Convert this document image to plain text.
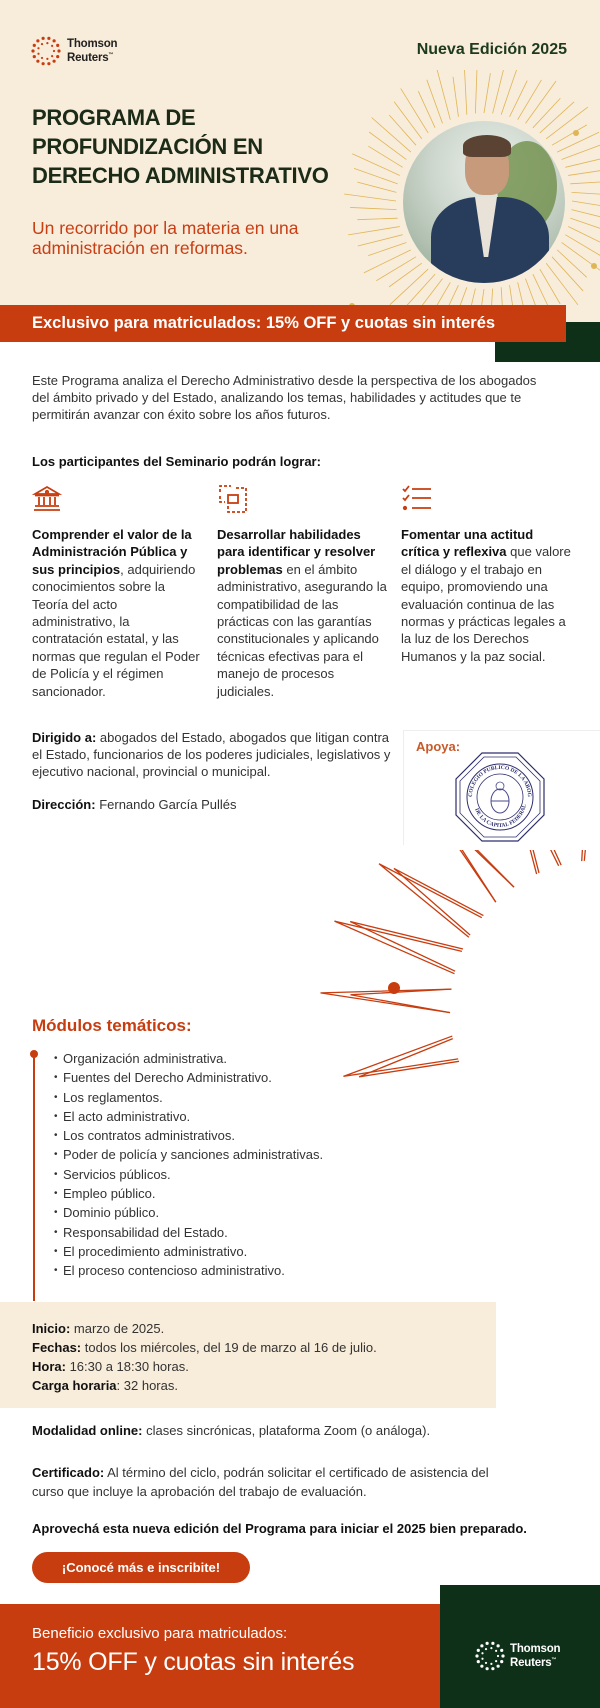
Thomson
Reuters™	Nueva Edición 2025
PROGRAMA DE PROFUNDIZACIÓN EN DERECHO ADMINISTRATIVO
Un recorrido por la materia en una administración en reformas.
Exclusivo para matriculados: 15% OFF y cuotas sin interés

Este Programa analiza el Derecho Administrativo desde la perspectiva de los abogados del ámbito privado y del Estado, analizando los temas, habilidades y actitudes que te permitirán avanzar con éxito sobre los años futuros.

Los participantes del Seminario podrán lograr:

Comprender el valor de la Administración Pública y sus principios, adquiriendo conocimientos sobre la Teoría del acto administrativo, la contratación estatal, y las normas que regulan el Poder de Policía y el régimen sancionador.

Desarrollar habilidades para identificar y resolver problemas en el ámbito administrativo, asegurando la compatibilidad de las prácticas con las garantías constitucionales y aplicando técnicas efectivas para el manejo de procesos judiciales.

Fomentar una actitud crítica y reflexiva que valore el diálogo y el trabajo en equipo, promoviendo una evaluación continua de las normas y prácticas legales a la luz de los Derechos Humanos y la paz social.

Dirigido a: abogados del Estado, abogados que litigan contra el Estado, funcionarios de los poderes judiciales, legislativos y ejecutivo nacional, provincial o municipal.

Dirección: Fernando García Pullés

Apoya:
COLEGIO PUBLICO DE LA ABOG
DE LA CAPITAL FEDERAL
Módulos temáticos:
• Organización administrativa.
• Fuentes del Derecho Administrativo.
• Los reglamentos.
• El acto administrativo.
• Los contratos administrativos.
• Poder de policía y sanciones administrativas.
• Servicios públicos.
• Empleo público.
• Dominio público.
• Responsabilidad del Estado.
• El procedimiento administrativo.
• El proceso contencioso administrativo.
Inicio: marzo de 2025.
Fechas: todos los miércoles, del 19 de marzo al 16 de julio.
Hora: 16:30 a 18:30 horas.
Carga horaria: 32 horas.

Modalidad online: clases sincrónicas, plataforma Zoom (o análoga).

Certificado: Al término del ciclo, podrán solicitar el certificado de asistencia del curso que incluye la aprobación del trabajo de evaluación.

Aprovechá esta nueva edición del Programa para iniciar el 2025 bien preparado.

¡Conocé más e inscribite!
Beneficio exclusivo para matriculados:
15% OFF y cuotas sin interés	Thomson
Reuters™
